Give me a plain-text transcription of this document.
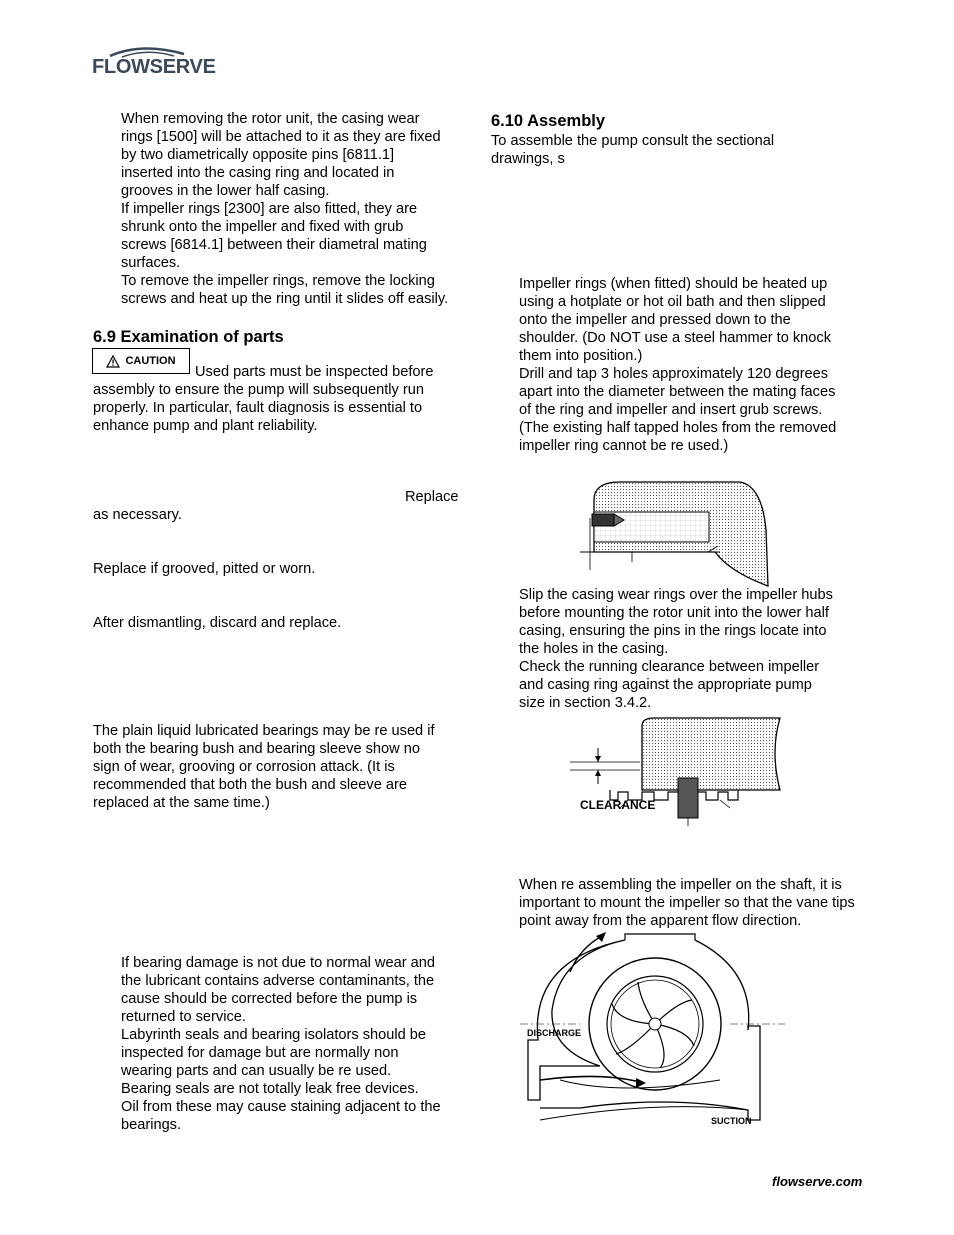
FLOWSERVE

When removing the rotor unit, the casing wear
rings [1500] will be attached to it as they are fixed
by two diametrically opposite pins [6811.1]
inserted into the casing ring and located in
grooves in the lower half casing.

If impeller rings [2300] are also fitted, they are
shrunk onto the impeller and fixed with grub
screws [6814.1] between their diametral mating
surfaces.

To remove the impeller rings, remove the locking
screws and heat up the ring until it slides off easily.

6.9 Examination of parts
CAUTION

Used parts must be inspected before

assembly to ensure the pump will subsequently run
properly. In particular, fault diagnosis is essential to
enhance pump and plant reliability.

Replace

as necessary.

Replace if grooved, pitted or worn.

After dismantling, discard and replace.

The plain liquid lubricated bearings may be re used if
both the bearing bush and bearing sleeve show no
sign of wear, grooving or corrosion attack. (It is
recommended that both the bush and sleeve are
replaced at the same time.)

If bearing damage is not due to normal wear and
the lubricant contains adverse contaminants, the
cause should be corrected before the pump is
returned to service.

Labyrinth seals and bearing isolators should be
inspected for damage but are normally non
wearing parts and can usually be re used.

Bearing seals are not totally leak free devices.
Oil from these may cause staining adjacent to the
bearings.

6.10 Assembly

To assemble the pump consult the sectional
drawings, s

Impeller rings (when fitted) should be heated up
using a hotplate or hot oil bath and then slipped
onto the impeller and pressed down to the
shoulder. (Do NOT use a steel hammer to knock
them into position.)

Drill and tap 3 holes approximately 120 degrees
apart into the diameter between the mating faces
of the ring and impeller and insert grub screws.
(The existing half tapped holes from the removed
impeller ring cannot be re used.)

Slip the casing wear rings over the impeller hubs
before mounting the rotor unit into the lower half
casing, ensuring the pins in the rings locate into
the holes in the casing.

Check the running clearance between impeller
and casing ring against the appropriate pump
size in section 3.4.2.

CLEARANCE

When re assembling the impeller on the shaft, it is
important to mount the impeller so that the vane tips
point away from the apparent flow direction.

DISCHARGE
SUCTION
flowserve.com
